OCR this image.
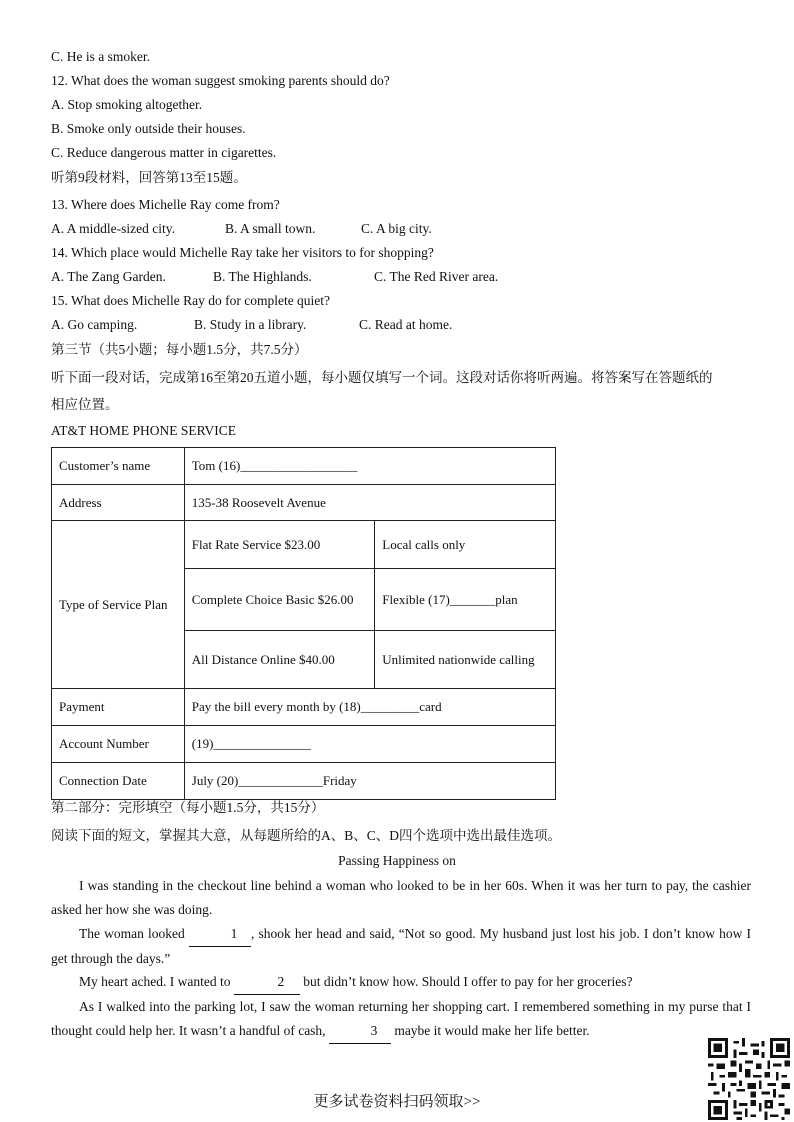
C. He is a smoker.
12. What does the woman suggest smoking parents should do?
A. Stop smoking altogether.
B. Smoke only outside their houses.
C. Reduce dangerous matter in cigarettes.
听第9段材料，回答第13至15题。
13. Where does Michelle Ray come from?
A. A middle-sized city.	B. A small town.	C. A big city.
14. Which place would Michelle Ray take her visitors to for shopping?
A. The Zang Garden.	B. The Highlands.	C. The Red River area.
15. What does Michelle Ray do for complete quiet?
A. Go camping.	B. Study in a library.	C. Read at home.
第三节（共5小题；每小题1.5分，共7.5分）
听下面一段对话，完成第16至第20五道小题，每小题仅填写一个词。这段对话你将听两遍。将答案写在答题纸的
相应位置。
AT&T HOME PHONE SERVICE
Customer’s name	Tom (16)__________________	
Address	135-38 Roosevelt Avenue	
Type of Service Plan	Flat Rate Service $23.00	Local calls only
	Complete Choice Basic $26.00	Flexible (17)_______plan
	All Distance Online $40.00	Unlimited nationwide calling
Payment	Pay the bill every month by (18)_________card	
Account Number	(19)_______________	
Connection Date	July (20)_____________Friday	
第二部分：完形填空（每小题1.5分，共15分）
阅读下面的短文，掌握其大意，从每题所给的A、B、C、D四个选项中选出最佳选项。
Passing Happiness on
I was standing in the checkout line behind a woman who looked to be in her 60s. When it was her turn to pay, the cashier asked her how she was doing.
The woman looked	1 , shook her head and said, “Not so good. My husband just lost his job. I don’t know how I get through the days.”
My heart ached. I wanted to	2 but didn’t know how. Should I offer to pay for her groceries?
As I walked into the parking lot, I saw the woman returning her shopping cart. I remembered something in my purse that I thought could help her. It wasn’t a handful of cash,	3 maybe it would make her life better.
更多试卷资料扫码领取>>
